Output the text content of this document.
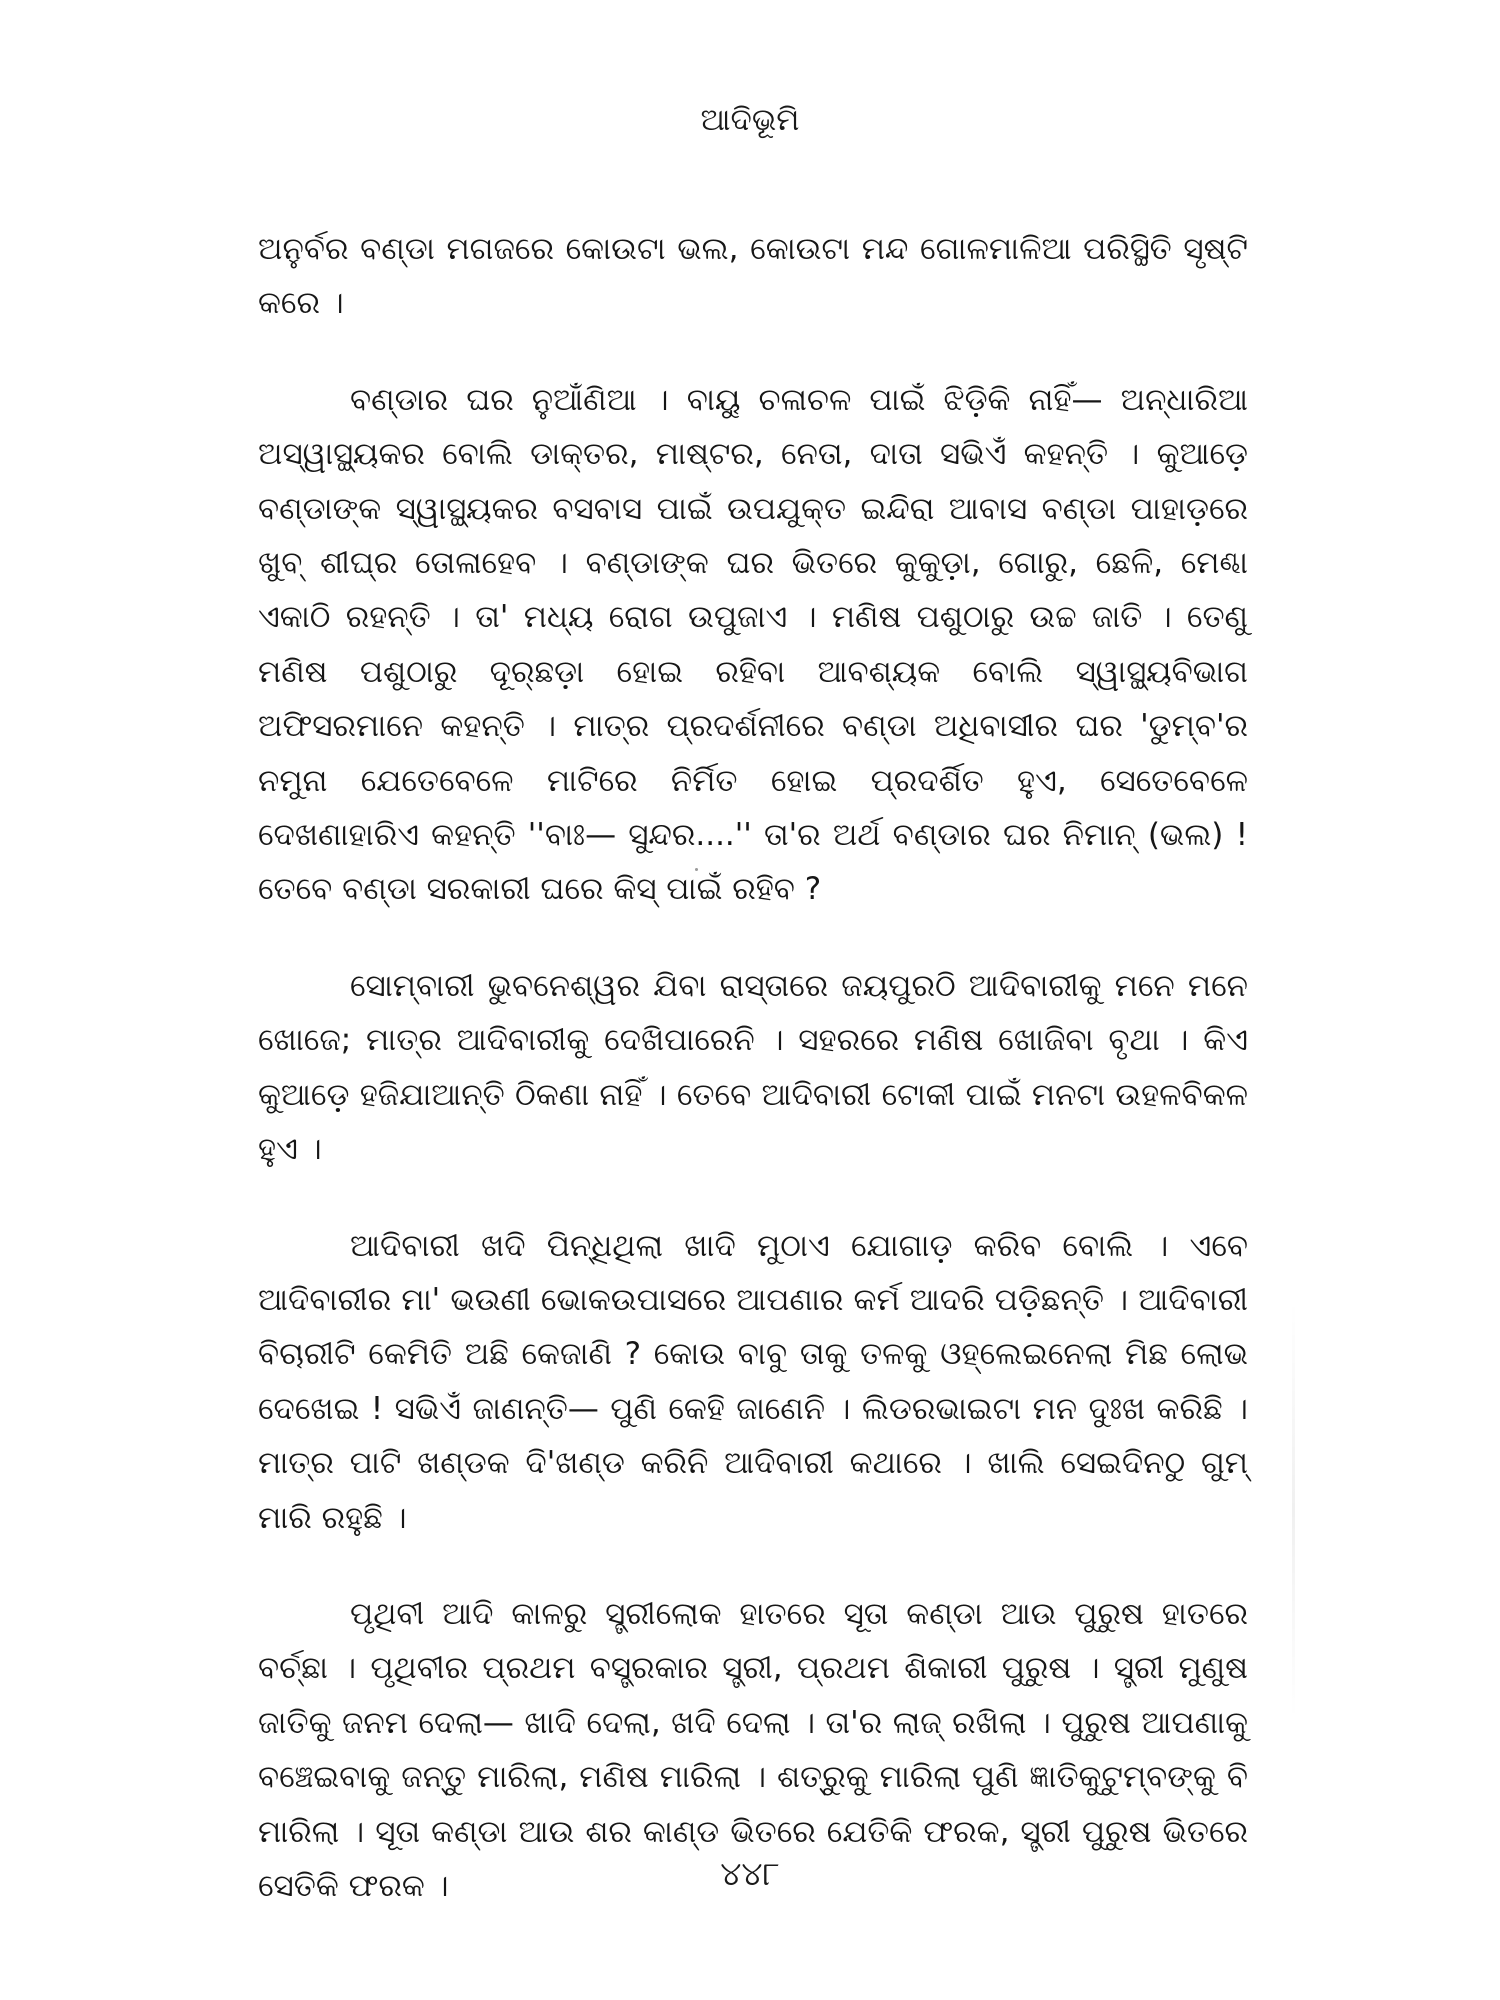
ଆଦିଭୂମି

ଅନୁର୍ବର ବଣ୍ଡା ମଗଜରେ କୋଉଟା ଭଲ, କୋଉଟା ମନ୍ଦ ଗୋଳମାଳିଆ ପରିସ୍ଥିତି ସୃଷ୍ଟି କରେ ।

ବଣ୍ଡାର ଘର ନୁଆଁଣିଆ । ବାୟୁ ଚଳାଚଳ ପାଇଁ ଝିଡ଼ିକି ନାହିଁ— ଅନ୍ଧାରିଆ ଅସ୍ୱାସ୍ଥ୍ୟକର ବୋଲି ଡାକ୍ତର, ମାଷ୍ଟର, ନେତା, ଦାତା ସଭିଏଁ କହନ୍ତି । କୁଆଡ଼େ ବଣ୍ଡାଙ୍କ ସ୍ୱାସ୍ଥ୍ୟକର ବସବାସ ପାଇଁ ଉପଯୁକ୍ତ ଇନ୍ଦିରା ଆବାସ ବଣ୍ଡା ପାହାଡ଼ରେ ଖୁବ୍ ଶୀଘ୍ର ତୋଳାହେବ । ବଣ୍ଡାଙ୍କ ଘର ଭିତରେ କୁକୁଡ଼ା, ଗୋରୁ, ଛେଳି, ମେଣ୍ଢା ଏକାଠି ରହନ୍ତି । ତା' ମଧ୍ୟ ରୋଗ ଉପୁଜାଏ । ମଣିଷ ପଶୁଠାରୁ ଉଚ୍ଚ ଜାତି । ତେଣୁ ମଣିଷ ପଶୁଠାରୁ ଦୂର୍‌ଛଡ଼ା ହୋଇ ରହିବା ଆବଶ୍ୟକ ବୋଲି ସ୍ୱାସ୍ଥ୍ୟବିଭାଗ ଅଫିସରମାନେ କହନ୍ତି । ମାତ୍ର ପ୍ରଦର୍ଶନୀରେ ବଣ୍ଡା ଅଧିବାସୀର ଘର 'ଡୁମ୍ବ'ର ନମୁନା ଯେତେବେଳେ ମାଟିରେ ନିର୍ମିତ ହୋଇ ପ୍ରଦର୍ଶିତ ହୁଏ, ସେତେବେଳେ ଦେଖଣାହାରିଏ କହନ୍ତି ''ବାଃ— ସୁନ୍ଦର....'' ତା'ର ଅର୍ଥ ବଣ୍ଡାର ଘର ନିମାନ୍ (ଭଲ) ! ତେବେ ବଣ୍ଡା ସରକାରୀ ଘରେ କିସ୍ ପାଇଁ ରହିବ ?

ସୋମ୍‌ବାରୀ ଭୁବନେଶ୍ୱର ଯିବା ରାସ୍ତାରେ ଜୟପୁରଠି ଆଦିବାରୀକୁ ମନେ ମନେ ଖୋଜେ; ମାତ୍ର ଆଦିବାରୀକୁ ଦେଖିପାରେନି । ସହରରେ ମଣିଷ ଖୋଜିବା ବୃଥା । କିଏ କୁଆଡ଼େ ହଜିଯାଆନ୍ତି ଠିକଣା ନାହିଁ । ତେବେ ଆଦିବାରୀ ଟୋକୀ ପାଇଁ ମନଟା ଉହଳବିକଳ ହୁଏ ।

ଆଦିବାରୀ ଖଦି ପିନ୍ଧିଥିଲା ଖାଦି ମୁଠାଏ ଯୋଗାଡ଼ କରିବ ବୋଲି । ଏବେ ଆଦିବାରୀର ମା' ଭଉଣୀ ଭୋକଉପାସରେ ଆପଣାର କର୍ମ ଆଦରି ପଡ଼ିଛନ୍ତି । ଆଦିବାରୀ ବିଚାରୀଟି କେମିତି ଅଛି କେଜାଣି ? କୋଉ ବାବୁ ତାକୁ ତଳକୁ ଓହ୍ଲେଇନେଲା ମିଛ ଲୋଭ ଦେଖେଇ ! ସଭିଏଁ ଜାଣନ୍ତି— ପୁଣି କେହି ଜାଣେନି । ଲିଡରଭାଇଟା ମନ ଦୁଃଖ କରିଛି । ମାତ୍ର ପାଟି ଖଣ୍ଡକ ଦି'ଖଣ୍ଡ କରିନି ଆଦିବାରୀ କଥାରେ । ଖାଲି ସେଇଦିନଠୁ ଗୁମ୍ ମାରି ରହୁଛି ।

ପୃଥିବୀ ଆଦି କାଳରୁ ସ୍ତ୍ରୀଲୋକ ହାତରେ ସୂତା କଣ୍ଡା ଆଉ ପୁରୁଷ ହାତରେ ବର୍ଚ୍ଛା । ପୃଥିବୀର ପ୍ରଥମ ବସ୍ତ୍ରକାର ସ୍ତ୍ରୀ, ପ୍ରଥମ ଶିକାରୀ ପୁରୁଷ । ସ୍ତ୍ରୀ ମୁଣୁଷ ଜାତିକୁ ଜନମ ଦେଲା— ଖାଦି ଦେଲା, ଖଦି ଦେଲା । ତା'ର ଲାଜ୍ ରଖିଲା । ପୁରୁଷ ଆପଣାକୁ ବଞ୍ଚେଇବାକୁ ଜନ୍ତୁ ମାରିଲା, ମଣିଷ ମାରିଲା । ଶତ୍ରୁକୁ ମାରିଲା ପୁଣି ଜ୍ଞାତିକୁଟୁମ୍ବଙ୍କୁ ବି ମାରିଲା । ସୂତା କଣ୍ଡା ଆଉ ଶର କାଣ୍ଡ ଭିତରେ ଯେତିକି ଫରକ, ସ୍ତ୍ରୀ ପୁରୁଷ ଭିତରେ ସେତିକି ଫରକ ।	୪୪୮
